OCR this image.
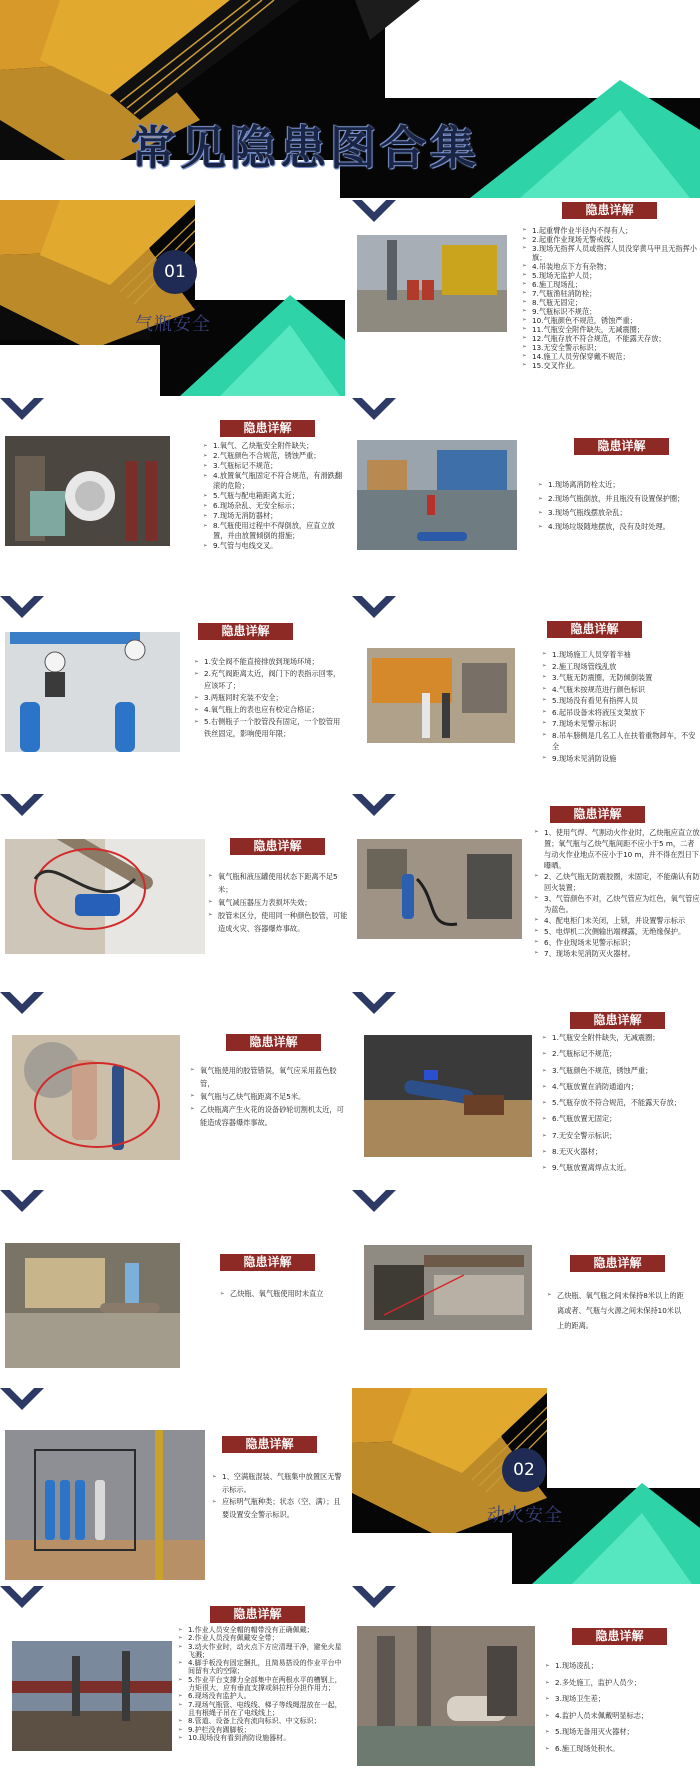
常见隐患图合集
01
气瓶安全
隐患详解
➢ 1.起重臂作业半径内不得有人；
➢ 2.起重作业现场无警戒线；
➢ 3.现场无指挥人员或指挥人员没穿黄马甲且无指挥小旗；
➢ 4.吊装地点下方有杂物；
➢ 5.现场无监护人员；
➢ 6.施工现场乱；
➢ 7.气瓶渔驻消防栓；
➢ 8.气瓶无固定；
➢ 9.气瓶标识不规范；
➢ 10.气瓶颜色不规范，锈蚀严重；
➢ 11.气瓶安全附件缺失，无减震圈；
➢ 12.气瓶存放不符合规范，不能露天存放；
➢ 13.无安全警示标识；
➢ 14.施工人员劳保穿戴不规范；
➢ 15.交叉作业。
隐患详解
➢ 1.氧气、乙炔瓶安全附件缺失；
➢ 2.气瓶颜色不合规范，锈蚀严重；
➢ 3.气瓶标记不规范；
➢ 4.放置氧气瓶固定不符合规范，有滑跌翻滚的危险；
➢ 5.气瓶与配电箱距离太近；
➢ 6.现场杂乱、无安全标示；
➢ 7.现场无消防器材；
➢ 8.气瓶使用过程中不得倒放，应直立放置，并由放置倾倒的措施；
➢ 9.气管与电线交叉。
隐患详解
➢ 1.现场离消防栓太近；
➢ 2.现场气瓶倒放，并且瓶没有设置保护圈；
➢ 3.现场气瓶线摆放杂乱；
➢ 4.现场垃圾随地摆放，没有及时处理。
隐患详解
➢ 1.安全阀不能直接排放到现场环境；
➢ 2.充气阀距离太近，阀门下的表指示回零，应该坏了；
➢ 3.两瓶同时充装不安全；
➢ 4.氧气瓶上的表也应有校定合格证；
➢ 5.右侧瓶子一个胶管没有固定，一个胶管用铁丝固定，影响使用年限；
隐患详解
➢ 1.现场施工人员穿着半袖
➢ 2.施工现场管线乱放
➢ 3.气瓶无防震圈，无防倾倒装置
➢ 4.气瓶未按规范进行颜色标识
➢ 5.现场没有看见有指挥人员
➢ 6.起吊设备未将液压支架放下
➢ 7.现场未见警示标识
➢ 8.吊车膀侧是几名工人在扶着重物卸车，不安全
➢ 9.现场未见消防设施
隐患详解
➢ 氧气瓶和液压罐使用状态下距离不足5米；
➢ 氧气减压器压力表损坏失效；
➢ 胶管未区分，使用同一种颜色胶管，可能造成火灾、容器爆炸事故。
隐患详解
➢ 1、使用气焊、气割动火作业时，乙炔瓶应直立放置；氧气瓶与乙炔气瓶间距不应小于5 m，二者与动火作业地点不应小于10 m，并不得在烈日下曝晒。
➢ 2、乙炔气瓶无防震胶圈，未固定，不能确认有防回火装置；
➢ 3、气管颜色不对，乙炔气管应为红色，氧气管应为蓝色。
➢ 4、配电柜门未关闭，上锁，并设置警示标示
➢ 5、电焊机二次侧输出端裸露，无绝缘保护。
➢ 6、作业现场未见警示标识；
➢ 7、现场未见消防灭火器材。
隐患详解
➢ 氧气瓶使用的胶管错误，氧气应采用蓝色胶管，
➢ 氧气瓶与乙炔气瓶距离不足5米。
➢ 乙炔瓶离产生火花的设备砂轮切割机太近，可能造成容器爆炸事故。
隐患详解
➢ 1.气瓶安全附件缺失，无减震圈；
➢ 2.气瓶标记不规范；
➢ 3.气瓶颜色不规范，锈蚀严重；
➢ 4.气瓶放置在消防通道内；
➢ 5.气瓶存放不符合规范，不能露天存放；
➢ 6.气瓶放置无固定；
➢ 7.无安全警示标识；
➢ 8.无灭火器材；
➢ 9.气瓶放置离焊点太近。
隐患详解
➢ 乙炔瓶、氧气瓶使用时未直立
隐患详解
➢ 乙炔瓶、氧气瓶之间未保持8米以上的距离或者、气瓶与火源之间未保持10米以上的距离。
隐患详解
➢ 1、空满瓶混装、气瓶集中放置区无警示标示。
➢ 应标明气瓶种类；状态（空、满）；且要设置安全警示标识。
02
动火安全
隐患详解
➢ 1.作业人员安全帽的帽带没有正确佩戴；
➢ 2.作业人员没有佩戴安全带；
➢ 3.动火作业时，动火点下方应清理干净，避免火星飞溅；
➢ 4.脚手板没有固定捆扎，且简易搭设的作业平台中间留有大的空隙；
➢ 5.作业平台支撑力全部集中在两根水平的槽钢上，力矩很大，应有垂直支撑或斜拉杆分担作用力；
➢ 6.现场没有监护人。
➢ 7.现场气瓶管、电线线、梯子等线绳混放在一起，且有根绳子吊在了电线线上；
➢ 8.管道、设备上没有流向标识、中文标识；
➢ 9.护栏没有踢脚板；
➢ 10.现场没有看到消防设施器材。
隐患详解
➢ 1.现场凌乱；
➢ 2.多处施工，监护人员少；
➢ 3.现场卫生差；
➢ 4.监护人员未佩戴明显标志；
➢ 5.现场无备用灭火器材；
➢ 6.施工现场处积水。
